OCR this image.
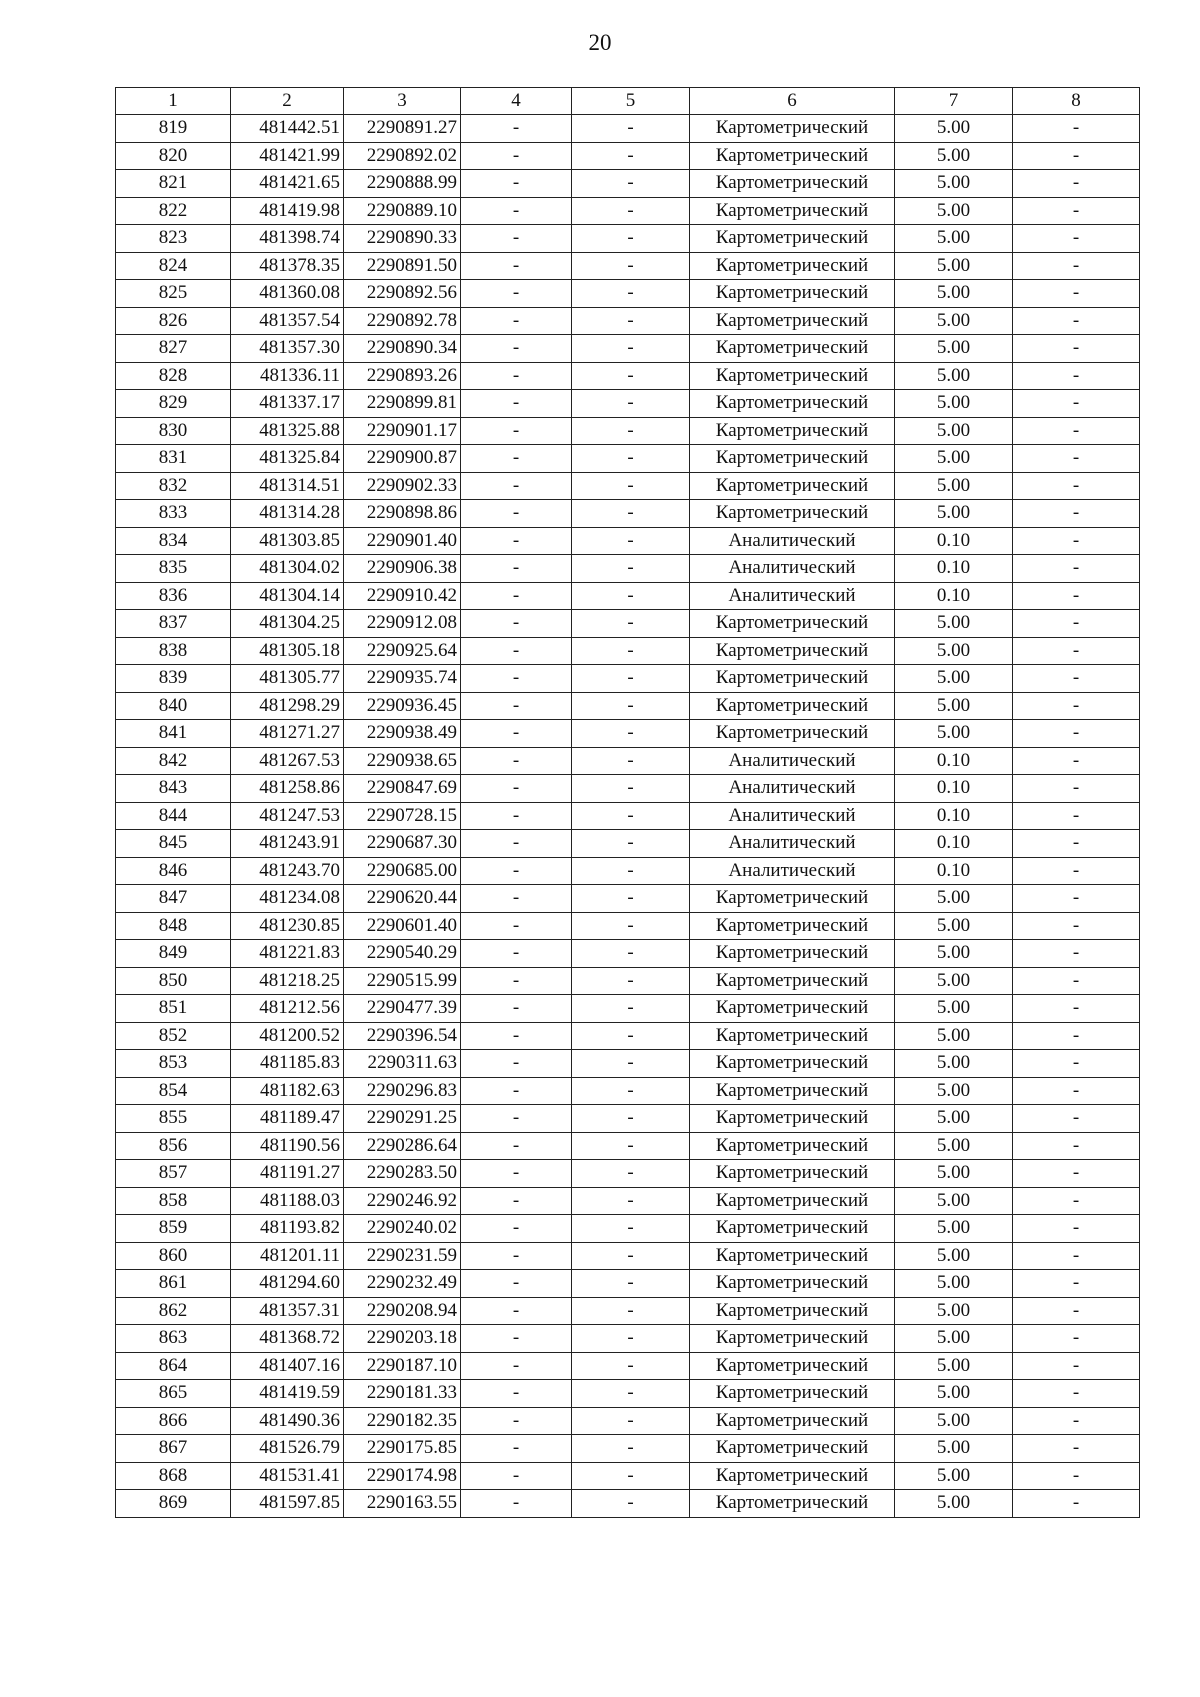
20
1	2	3	4	5	6	7	8
819	481442.51	2290891.27	-	-	Картометрический	5.00	-
820	481421.99	2290892.02	-	-	Картометрический	5.00	-
821	481421.65	2290888.99	-	-	Картометрический	5.00	-
822	481419.98	2290889.10	-	-	Картометрический	5.00	-
823	481398.74	2290890.33	-	-	Картометрический	5.00	-
824	481378.35	2290891.50	-	-	Картометрический	5.00	-
825	481360.08	2290892.56	-	-	Картометрический	5.00	-
826	481357.54	2290892.78	-	-	Картометрический	5.00	-
827	481357.30	2290890.34	-	-	Картометрический	5.00	-
828	481336.11	2290893.26	-	-	Картометрический	5.00	-
829	481337.17	2290899.81	-	-	Картометрический	5.00	-
830	481325.88	2290901.17	-	-	Картометрический	5.00	-
831	481325.84	2290900.87	-	-	Картометрический	5.00	-
832	481314.51	2290902.33	-	-	Картометрический	5.00	-
833	481314.28	2290898.86	-	-	Картометрический	5.00	-
834	481303.85	2290901.40	-	-	Аналитический	0.10	-
835	481304.02	2290906.38	-	-	Аналитический	0.10	-
836	481304.14	2290910.42	-	-	Аналитический	0.10	-
837	481304.25	2290912.08	-	-	Картометрический	5.00	-
838	481305.18	2290925.64	-	-	Картометрический	5.00	-
839	481305.77	2290935.74	-	-	Картометрический	5.00	-
840	481298.29	2290936.45	-	-	Картометрический	5.00	-
841	481271.27	2290938.49	-	-	Картометрический	5.00	-
842	481267.53	2290938.65	-	-	Аналитический	0.10	-
843	481258.86	2290847.69	-	-	Аналитический	0.10	-
844	481247.53	2290728.15	-	-	Аналитический	0.10	-
845	481243.91	2290687.30	-	-	Аналитический	0.10	-
846	481243.70	2290685.00	-	-	Аналитический	0.10	-
847	481234.08	2290620.44	-	-	Картометрический	5.00	-
848	481230.85	2290601.40	-	-	Картометрический	5.00	-
849	481221.83	2290540.29	-	-	Картометрический	5.00	-
850	481218.25	2290515.99	-	-	Картометрический	5.00	-
851	481212.56	2290477.39	-	-	Картометрический	5.00	-
852	481200.52	2290396.54	-	-	Картометрический	5.00	-
853	481185.83	2290311.63	-	-	Картометрический	5.00	-
854	481182.63	2290296.83	-	-	Картометрический	5.00	-
855	481189.47	2290291.25	-	-	Картометрический	5.00	-
856	481190.56	2290286.64	-	-	Картометрический	5.00	-
857	481191.27	2290283.50	-	-	Картометрический	5.00	-
858	481188.03	2290246.92	-	-	Картометрический	5.00	-
859	481193.82	2290240.02	-	-	Картометрический	5.00	-
860	481201.11	2290231.59	-	-	Картометрический	5.00	-
861	481294.60	2290232.49	-	-	Картометрический	5.00	-
862	481357.31	2290208.94	-	-	Картометрический	5.00	-
863	481368.72	2290203.18	-	-	Картометрический	5.00	-
864	481407.16	2290187.10	-	-	Картометрический	5.00	-
865	481419.59	2290181.33	-	-	Картометрический	5.00	-
866	481490.36	2290182.35	-	-	Картометрический	5.00	-
867	481526.79	2290175.85	-	-	Картометрический	5.00	-
868	481531.41	2290174.98	-	-	Картометрический	5.00	-
869	481597.85	2290163.55	-	-	Картометрический	5.00	-
